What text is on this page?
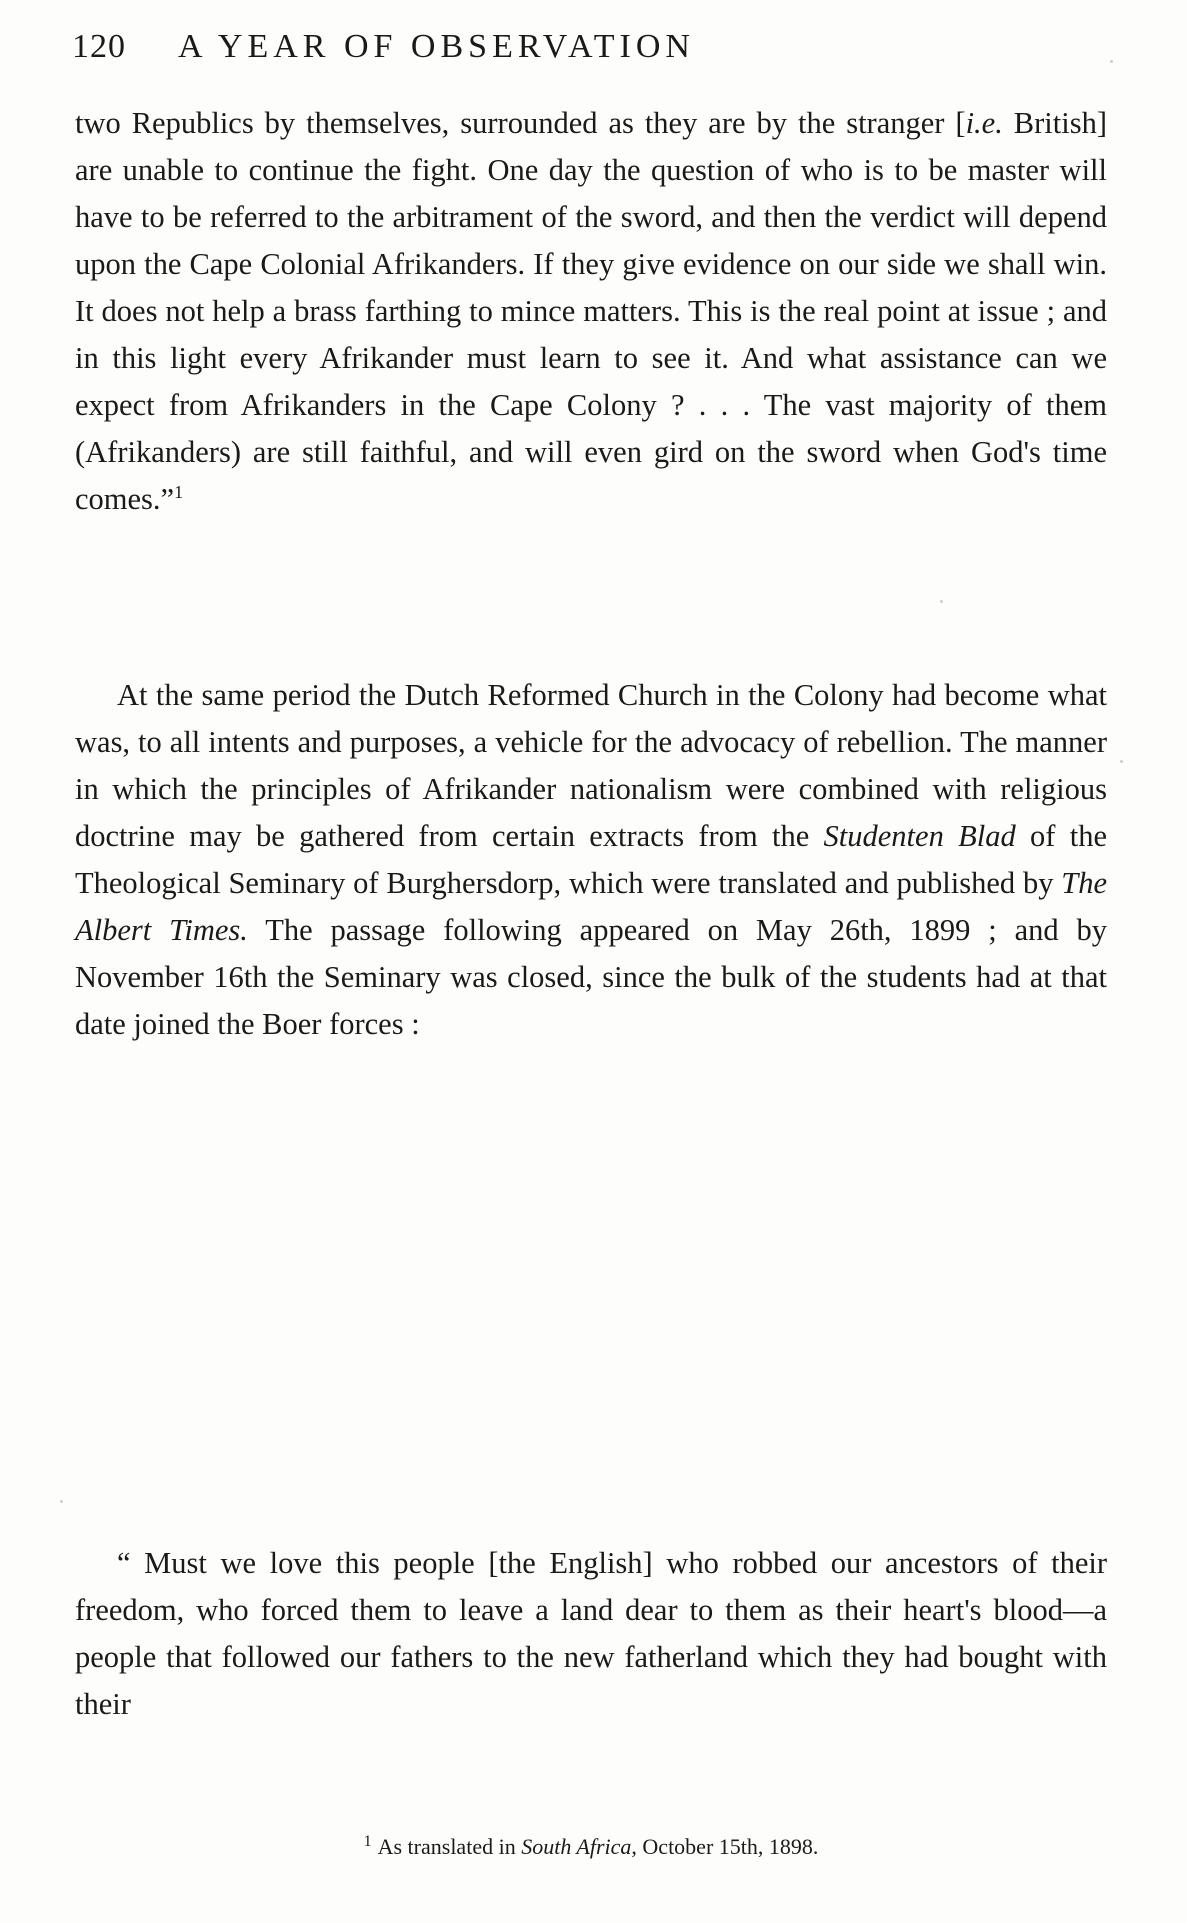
120 A YEAR OF OBSERVATION

two Republics by themselves, surrounded as they are by the stranger [i.e. British] are unable to continue the fight. One day the question of who is to be master will have to be referred to the arbitrament of the sword, and then the verdict will depend upon the Cape Colonial Afrikanders. If they give evidence on our side we shall win. It does not help a brass farthing to mince matters. This is the real point at issue ; and in this light every Afrikander must learn to see it. And what assistance can we expect from Afrikanders in the Cape Colony ? . . . The vast majority of them (Afrikanders) are still faithful, and will even gird on the sword when God's time comes.”$^1$

At the same period the Dutch Reformed Church in the Colony had become what was, to all intents and purposes, a vehicle for the advocacy of rebellion. The manner in which the principles of Afrikander nationalism were combined with religious doctrine may be gathered from certain extracts from the Studenten Blad of the Theological Seminary of Burghersdorp, which were translated and published by The Albert Times. The passage following appeared on May 26th, 1899 ; and by November 16th the Seminary was closed, since the bulk of the students had at that date joined the Boer forces :

“ Must we love this people [the English] who robbed our ancestors of their freedom, who forced them to leave a land dear to them as their heart's blood—a people that followed our fathers to the new fatherland which they had bought with their

$^1$ As translated in South Africa, October 15th, 1898.
